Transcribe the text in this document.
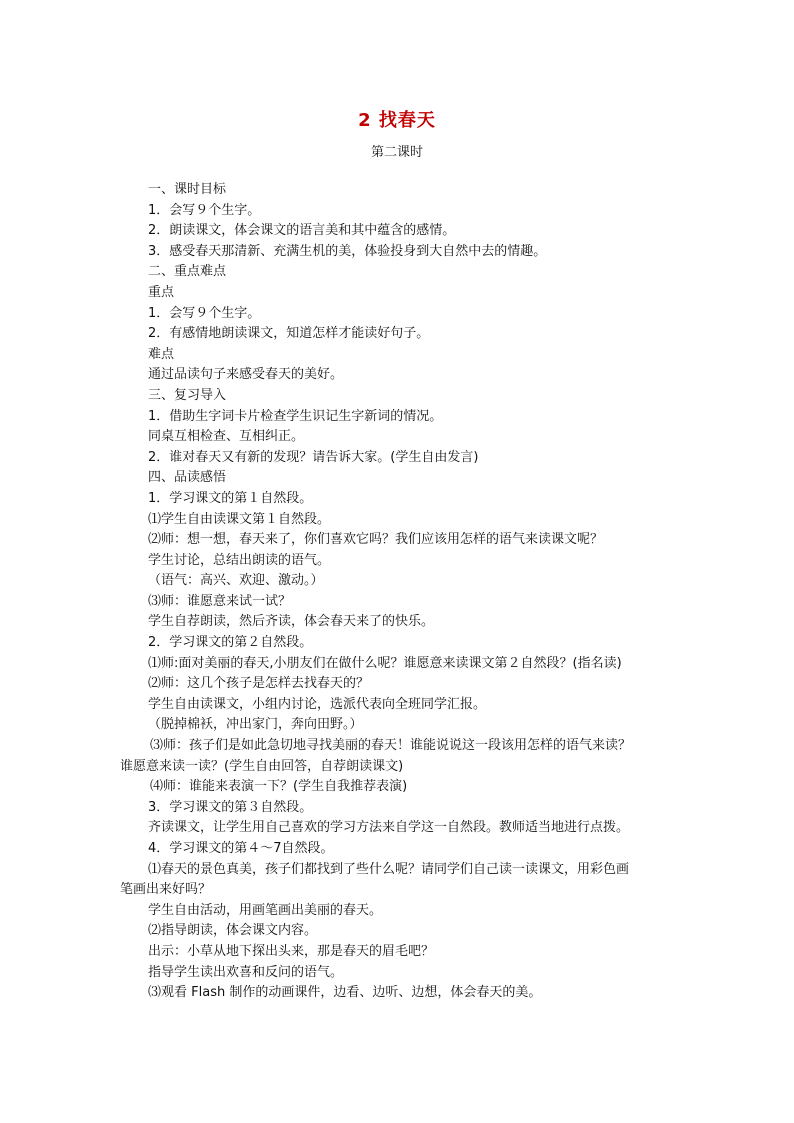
2 找春天
第二课时
一、课时目标
1．会写９个生字。
2．朗读课文，体会课文的语言美和其中蕴含的感情。
3．感受春天那清新、充满生机的美，体验投身到大自然中去的情趣。
二、重点难点
重点
1．会写９个生字。
2．有感情地朗读课文，知道怎样才能读好句子。
难点
通过品读句子来感受春天的美好。
三、复习导入
1．借助生字词卡片检查学生识记生字新词的情况。
同桌互相检查、互相纠正。
2．谁对春天又有新的发现？请告诉大家。(学生自由发言)
四、品读感悟
1．学习课文的第１自然段。
⑴学生自由读课文第１自然段。
⑵师：想一想，春天来了，你们喜欢它吗？我们应该用怎样的语气来读课文呢？
学生讨论，总结出朗读的语气。
（语气：高兴、欢迎、激动。）
⑶师：谁愿意来试一试？
学生自荐朗读，然后齐读，体会春天来了的快乐。
2．学习课文的第２自然段。
⑴师:面对美丽的春天,小朋友们在做什么呢？谁愿意来读课文第２自然段？(指名读)
⑵师：这几个孩子是怎样去找春天的？
学生自由读课文，小组内讨论，选派代表向全班同学汇报。
（脱掉棉袄，冲出家门，奔向田野。）
⑶师：孩子们是如此急切地寻找美丽的春天！谁能说说这一段该用怎样的语气来读？
谁愿意来读一读？(学生自由回答，自荐朗读课文)
⑷师：谁能来表演一下？(学生自我推荐表演)
3．学习课文的第３自然段。
齐读课文，让学生用自己喜欢的学习方法来自学这一自然段。教师适当地进行点拨。
4．学习课文的第４～7自然段。
⑴春天的景色真美，孩子们都找到了些什么呢？请同学们自己读一读课文，用彩色画
笔画出来好吗？
学生自由活动，用画笔画出美丽的春天。
⑵指导朗读，体会课文内容。
出示：小草从地下探出头来，那是春天的眉毛吧？
指导学生读出欢喜和反问的语气。
⑶观看 Flash 制作的动画课件，边看、边听、边想，体会春天的美。
